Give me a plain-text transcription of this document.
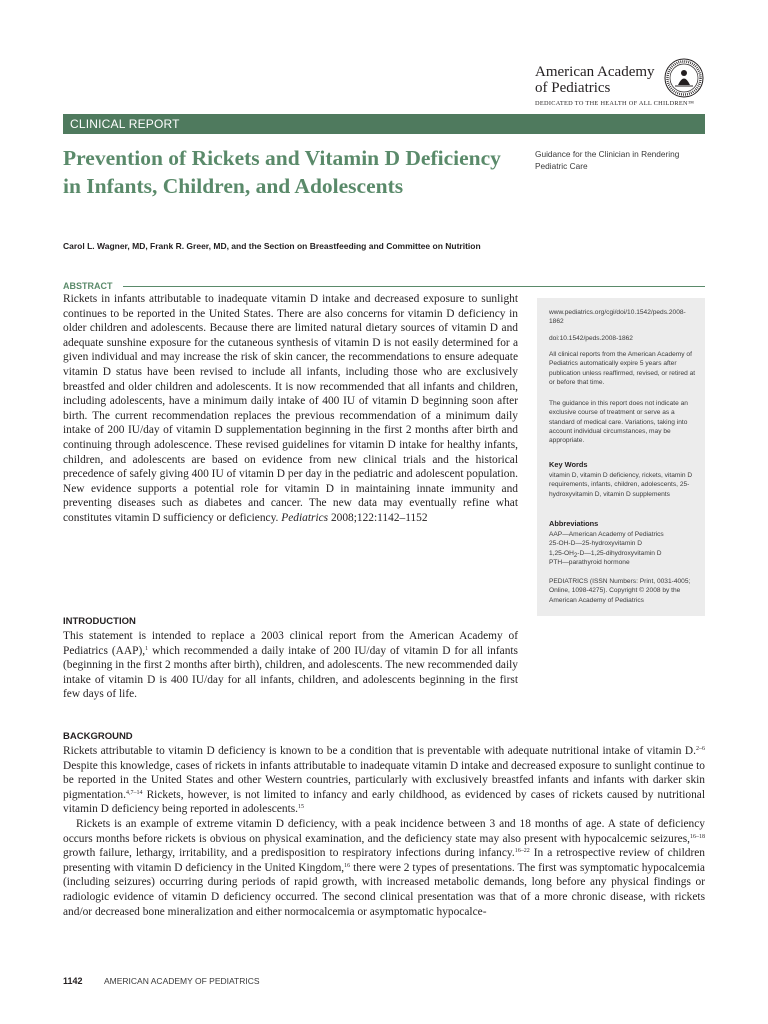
American Academy
of Pediatrics
DEDICATED TO THE HEALTH OF ALL CHILDREN™
CLINICAL REPORT
Prevention of Rickets and Vitamin D Deficiency in Infants, Children, and Adolescents
Guidance for the Clinician in Rendering Pediatric Care
Carol L. Wagner, MD, Frank R. Greer, MD, and the Section on Breastfeeding and Committee on Nutrition
ABSTRACT
Rickets in infants attributable to inadequate vitamin D intake and decreased exposure to sunlight continues to be reported in the United States. There are also concerns for vitamin D deficiency in older children and adolescents. Because there are limited natural dietary sources of vitamin D and adequate sunshine exposure for the cutaneous synthesis of vitamin D is not easily determined for a given individual and may increase the risk of skin cancer, the recommendations to ensure adequate vitamin D status have been revised to include all infants, including those who are exclusively breastfed and older children and adolescents. It is now recommended that all infants and children, including adolescents, have a minimum daily intake of 400 IU of vitamin D beginning soon after birth. The current recommendation replaces the previous recommendation of a minimum daily intake of 200 IU/day of vitamin D supplementation beginning in the first 2 months after birth and continuing through adolescence. These revised guidelines for vitamin D intake for healthy infants, children, and adolescents are based on evidence from new clinical trials and the historical precedence of safely giving 400 IU of vitamin D per day in the pediatric and adolescent population. New evidence supports a potential role for vitamin D in maintaining innate immunity and preventing diseases such as diabetes and cancer. The new data may eventually refine what constitutes vitamin D sufficiency or deficiency. Pediatrics 2008;122:1142–1152
www.pediatrics.org/cgi/doi/10.1542/peds.2008-1862
doi:10.1542/peds.2008-1862
All clinical reports from the American Academy of Pediatrics automatically expire 5 years after publication unless reaffirmed, revised, or retired at or before that time.
The guidance in this report does not indicate an exclusive course of treatment or serve as a standard of medical care. Variations, taking into account individual circumstances, may be appropriate.
Key Words
vitamin D, vitamin D deficiency, rickets, vitamin D requirements, infants, children, adolescents, 25-hydroxyvitamin D, vitamin D supplements
Abbreviations
AAP—American Academy of Pediatrics
25-OH-D—25-hydroxyvitamin D
$1,25-OH_2-D—1,25$-dihydroxyvitamin D
PTH—parathyroid hormone
PEDIATRICS (ISSN Numbers: Print, 0031-4005; Online, 1098-4275). Copyright © 2008 by the American Academy of Pediatrics
INTRODUCTION

This statement is intended to replace a 2003 clinical report from the American Academy of Pediatrics (AAP),$^1$ which recommended a daily intake of 200 IU/day of vitamin D for all infants (beginning in the first 2 months after birth), children, and adolescents. The new recommended daily intake of vitamin D is 400 IU/day for all infants, children, and adolescents beginning in the first few days of life.

BACKGROUND

Rickets attributable to vitamin D deficiency is known to be a condition that is preventable with adequate nutritional intake of vitamin D.$^{2-6}$ Despite this knowledge, cases of rickets in infants attributable to inadequate vitamin D intake and decreased exposure to sunlight continue to be reported in the United States and other Western countries, particularly with exclusively breastfed infants and infants with darker skin pigmentation.$^{4,7-14}$ Rickets, however, is not limited to infancy and early childhood, as evidenced by cases of rickets caused by nutritional vitamin D deficiency being reported in adolescents.$^{15}$

Rickets is an example of extreme vitamin D deficiency, with a peak incidence between 3 and 18 months of age. A state of deficiency occurs months before rickets is obvious on physical examination, and the deficiency state may also present with hypocalcemic seizures,$^{16-18}$ growth failure, lethargy, irritability, and a predisposition to respiratory infections during infancy.$^{16-22}$ In a retrospective review of children presenting with vitamin D deficiency in the United Kingdom,$^{16}$ there were 2 types of presentations. The first was symptomatic hypocalcemia (including seizures) occurring during periods of rapid growth, with increased metabolic demands, long before any physical findings or radiologic evidence of vitamin D deficiency occurred. The second clinical presentation was that of a more chronic disease, with rickets and/or decreased bone mineralization and either normocalcemia or asymptomatic hypocalce-

1142	AMERICAN ACADEMY OF PEDIATRICS
